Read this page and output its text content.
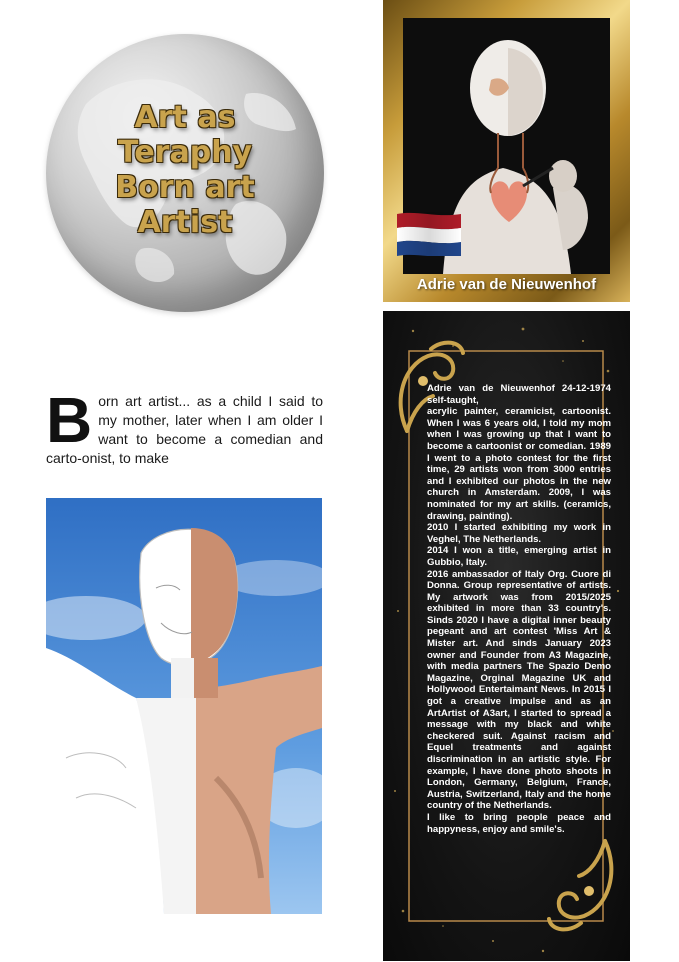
Art as
Teraphy
Born art
Artist
Adrie van de Nieuwenhof
Born art artist... as a child I said to my mother, later when I am older I want to become a comedian and carto-onist, to make
Adrie van de Nieuwenhof 24-12-1974 self-taught,
acrylic painter, ceramicist, cartoonist. When I was 6 years old, I told my mom when I was growing up that I want to become a cartoonist or comedian. 1989 I went to a photo contest for the first time, 29 artists won from 3000 entries and I exhibited our photos in the new church in Amsterdam. 2009, I was nominated for my art skills. (ceramics, drawing, painting).
2010 I started exhibiting my work in Veghel, The Netherlands.
2014 I won a title, emerging artist in Gubbio, Italy.
2016 ambassador of Italy Org. Cuore di Donna. Group representative of artists. My artwork was from 2015/2025 exhibited in more than 33 country's. Sinds 2020 I have a digital inner beauty pegeant and art contest 'Miss Art & Mister art. And sinds January 2023 owner and Founder from A3 Magazine, with media partners The Spazio Demo Magazine, Orginal Magazine UK and Hollywood Entertaimant News. In 2015 I got a creative impulse and as an ArtArtist of A3art, I started to spread a message with my black and white checkered suit. Against racism and Equel treatments and against discrimination in an artistic style. For example, I have done photo shoots in London, Germany, Belgium, France, Austria, Switzerland, Italy and the home country of the Netherlands.
I like to bring people peace and happyness, enjoy and smile's.
